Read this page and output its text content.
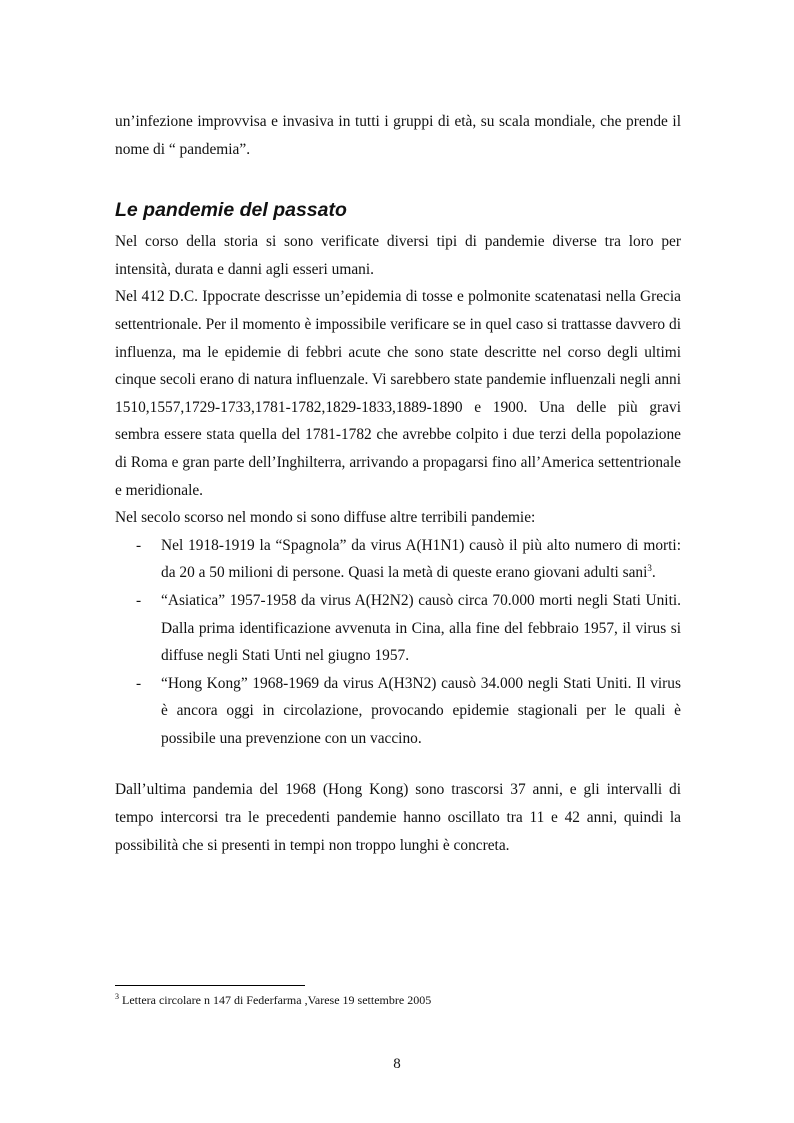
un’infezione improvvisa e invasiva in tutti i gruppi di età, su scala mondiale, che prende il nome di “ pandemia”.

Le pandemie del passato

Nel corso della storia si sono verificate diversi tipi di pandemie diverse tra loro per intensità, durata e danni agli esseri umani.

Nel 412 D.C. Ippocrate descrisse un’epidemia di tosse e polmonite scatenatasi nella Grecia settentrionale. Per il momento è impossibile verificare se in quel caso si trattasse davvero di influenza, ma le epidemie di febbri acute che sono state descritte nel corso degli ultimi cinque secoli erano di natura influenzale. Vi sarebbero state pandemie influenzali negli anni 1510,1557,1729-1733,1781-1782,1829-1833,1889-1890 e 1900. Una delle più gravi sembra essere stata quella del 1781-1782 che avrebbe colpito i due terzi della popolazione di Roma e gran parte dell’Inghilterra, arrivando a propagarsi fino all’America settentrionale e meridionale.

Nel secolo scorso nel mondo si sono diffuse altre terribili pandemie:

- Nel 1918-1919 la “Spagnola” da virus A(H1N1) causò il più alto numero di morti: da 20 a 50 milioni di persone. Quasi la metà di queste erano giovani adulti sani$^3$.
- “Asiatica” 1957-1958 da virus A(H2N2) causò circa 70.000 morti negli Stati Uniti. Dalla prima identificazione avvenuta in Cina, alla fine del febbraio 1957, il virus si diffuse negli Stati Unti nel giugno 1957.
- “Hong Kong” 1968-1969 da virus A(H3N2) causò 34.000 negli Stati Uniti. Il virus è ancora oggi in circolazione, provocando epidemie stagionali per le quali è possibile una prevenzione con un vaccino.

Dall’ultima pandemia del 1968 (Hong Kong) sono trascorsi 37 anni, e gli intervalli di tempo intercorsi tra le precedenti pandemie hanno oscillato tra 11 e 42 anni, quindi la possibilità che si presenti in tempi non troppo lunghi è concreta.

$^3$ Lettera circolare n 147 di Federfarma ,Varese 19 settembre 2005
8
